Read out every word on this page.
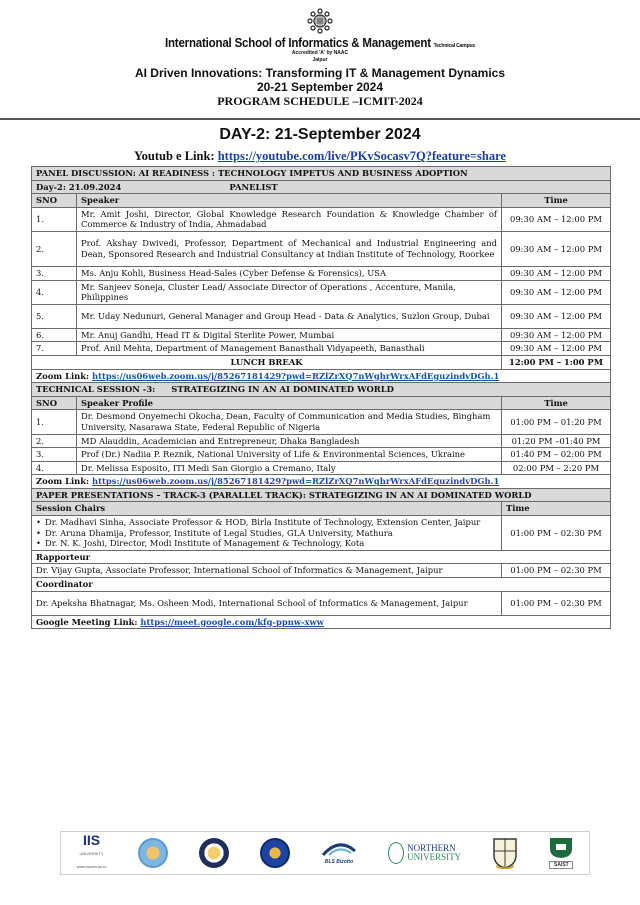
International School of Informatics & Management Technical Campus
Accredited 'A' by NAAC
Jaipur
AI Driven Innovations: Transforming IT & Management Dynamics
20-21 September 2024
PROGRAM SCHEDULE –ICMIT-2024
DAY-2: 21-September 2024
Youtub e Link: https://youtube.com/live/PKvSocasv7Q?feature=share
PANEL DISCUSSION: AI READINESS : TECHNOLOGY IMPETUS AND BUSINESS ADOPTION		
Day-2: 21.09.2024 PANELIST		
SNO	Speaker	Time
1.	Mr. Amit Joshi, Director, Global Knowledge Research Foundation & Knowledge Chamber of Commerce & Industry of India, Ahmadabad	09:30 AM – 12:00 PM
2.	Prof. Akshay Dwivedi, Professor, Department of Mechanical and Industrial Engineering and Dean, Sponsored Research and Industrial Consultancy at Indian Institute of Technology, Roorkee	09:30 AM – 12:00 PM
3.	Ms. Anju Kohli, Business Head-Sales (Cyber Defense & Forensics), USA	09:30 AM – 12:00 PM
4.	Mr. Sanjeev Soneja, Cluster Lead/ Associate Director of Operations , Accenture, Manila, Philippines	09:30 AM – 12:00 PM
5.	Mr. Uday Nedunuri, General Manager and Group Head - Data & Analytics, Suzlon Group, Dubai	09:30 AM – 12:00 PM
6.	Mr. Anuj Gandhi, Head IT & Digital Sterlite Power, Mumbai	09:30 AM – 12:00 PM
7.	Prof. Anil Mehta, Department of Management Banasthali Vidyapeeth, Banasthali	09:30 AM – 12:00 PM
LUNCH BREAK		12:00 PM – 1:00 PM
Zoom Link: https://us06web.zoom.us/j/85267181429?pwd=RZlZrXQ7nWghrWrxAFdEguzindvDGh.1		
TECHNICAL SESSION -3: STRATEGIZING IN AN AI DOMINATED WORLD		
SNO	Speaker Profile	Time
1.	Dr. Desmond Onyemechi Okocha, Dean, Faculty of Communication and Media Studies, Bingham University, Nasarawa State, Federal Republic of Nigeria	01:00 PM – 01:20 PM
2.	MD Alauddin, Academician and Entrepreneur, Dhaka Bangladesh	01:20 PM –01:40 PM
3.	Prof (Dr.) Nadiia P. Reznik, National University of Life & Environmental Sciences, Ukraine	01:40 PM – 02:00 PM
4.	Dr. Melissa Esposito, ITI Medi San Giorgio a Cremano, Italy	02:00 PM – 2:20 PM
Zoom Link: https://us06web.zoom.us/j/85267181429?pwd=RZlZrXQ7nWghrWrxAFdEguzindvDGh.1		
PAPER PRESENTATIONS – TRACK-3 (PARALLEL TRACK): STRATEGIZING IN AN AI DOMINATED WORLD		
Session Chairs		Time

• Dr. Madhavi Sinha, Associate Professor & HOD, Birla Institute of Technology, Extension Center, Jaipur
• Dr. Aruna Dhamija, Professor, Institute of Legal Studies, GLA University, Mathura
• Dr. N. K. Joshi, Director, Modi Institute of Management & Technology, Kota
	01:00 PM – 02:30 PM
Rapporteur		
Dr. Vijay Gupta, Associate Professor, International School of Informatics & Management, Jaipur		01:00 PM – 02:30 PM
Coordinator		
Dr. Apeksha Bhatnagar, Ms. Osheen Modi, International School of Informatics & Management, Jaipur		01:00 PM – 02:30 PM
Google Meeting Link: https://meet.google.com/kfg-ppnw-xww		
IIS
UNIVERSITY
www.iisuniv.ac.in
BLS Bizotto
NORTHERN
UNIVERSITY
SAIST
